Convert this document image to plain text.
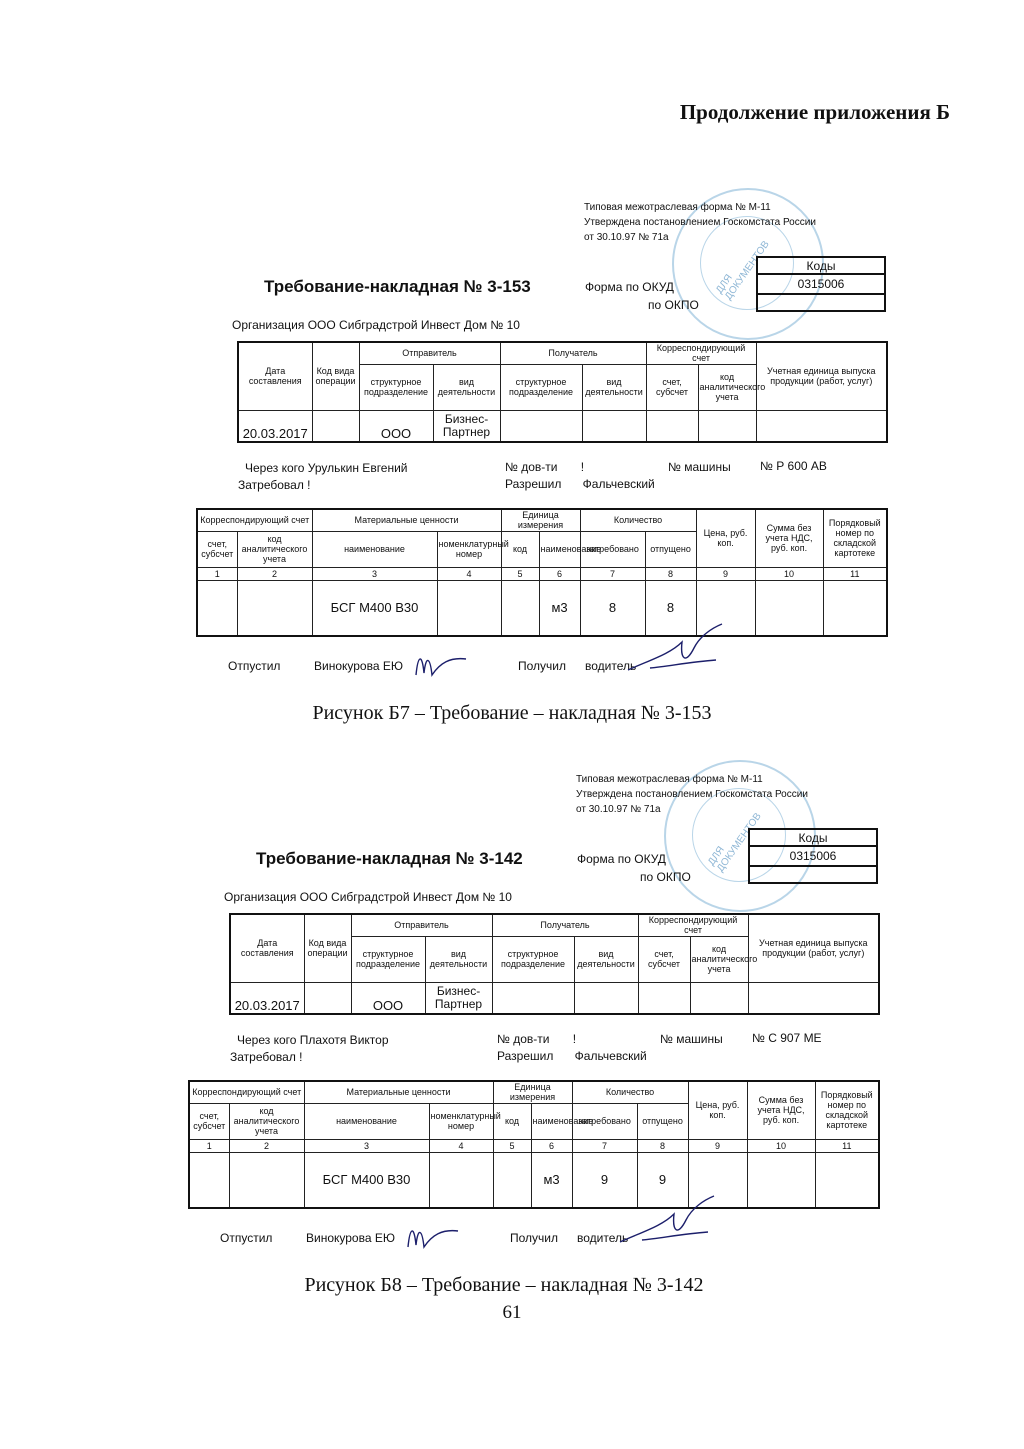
Продолжение приложения Б
ДЛЯ ДОКУМЕНТОВ
Типовая межотраслевая форма № М-11
Утверждена постановлением Госкомстата России
от 30.10.97 № 71а
Требование-накладная № 3-153	Форма по ОКУД
по ОКПО
Коды
0315006

Организация ООО Сибградстрой Инвест Дом № 10
Дата составления	Код вида операции	Отправитель		Получатель		Корреспондирующий счет		Учетная единица выпуска продукции (работ, услуг)
		структурное подразделение	вид деятельности	структурное подразделение	вид деятельности	счет, субсчет	код аналитического учета	
20.03.2017		ООО	Бизнес-Партнер					
Через кого Урулькин Евгений
Затребовал !
№ дов-ти !
Разрешил Фальчевский
№ машины № Р 600 АВ
Корреспондирующий счет		Материальные ценности		Единица измерения		Количество		Цена, руб. коп.	Сумма без учета НДС, руб. коп.	Порядковый номер по складской картотеке
счет, субсчет	код аналитического учета	наименование	номенклатурный номер	код	наименование	затребовано	отпущено			
1	2	3	4	5	6	7	8	9	10	11
		БСГ М400 В30			м3	8	8			
Отпустил	Винокурова ЕЮ	Получил водитель
Рисунок Б7 – Требование – накладная № 3-153
ДЛЯ ДОКУМЕНТОВ
Типовая межотраслевая форма № М-11
Утверждена постановлением Госкомстата России
от 30.10.97 № 71а
Требование-накладная № 3-142	Форма по ОКУД
по ОКПО
Коды
0315006

Организация ООО Сибградстрой Инвест Дом № 10
Дата составления	Код вида операции	Отправитель		Получатель		Корреспондирующий счет		Учетная единица выпуска продукции (работ, услуг)
		структурное подразделение	вид деятельности	структурное подразделение	вид деятельности	счет, субсчет	код аналитического учета	
20.03.2017		ООО	Бизнес-Партнер					
Через кого Плахотя Виктор
Затребовал !
№ дов-ти !
Разрешил Фальчевский
№ машины № С 907 МЕ
Корреспондирующий счет		Материальные ценности		Единица измерения		Количество		Цена, руб. коп.	Сумма без учета НДС, руб. коп.	Порядковый номер по складской картотеке
счет, субсчет	код аналитического учета	наименование	номенклатурный номер	код	наименование	затребовано	отпущено			
1	2	3	4	5	6	7	8	9	10	11
		БСГ М400 В30			м3	9	9			
Отпустил	Винокурова ЕЮ	Получил водитель
Рисунок Б8 – Требование – накладная № 3-142
61
